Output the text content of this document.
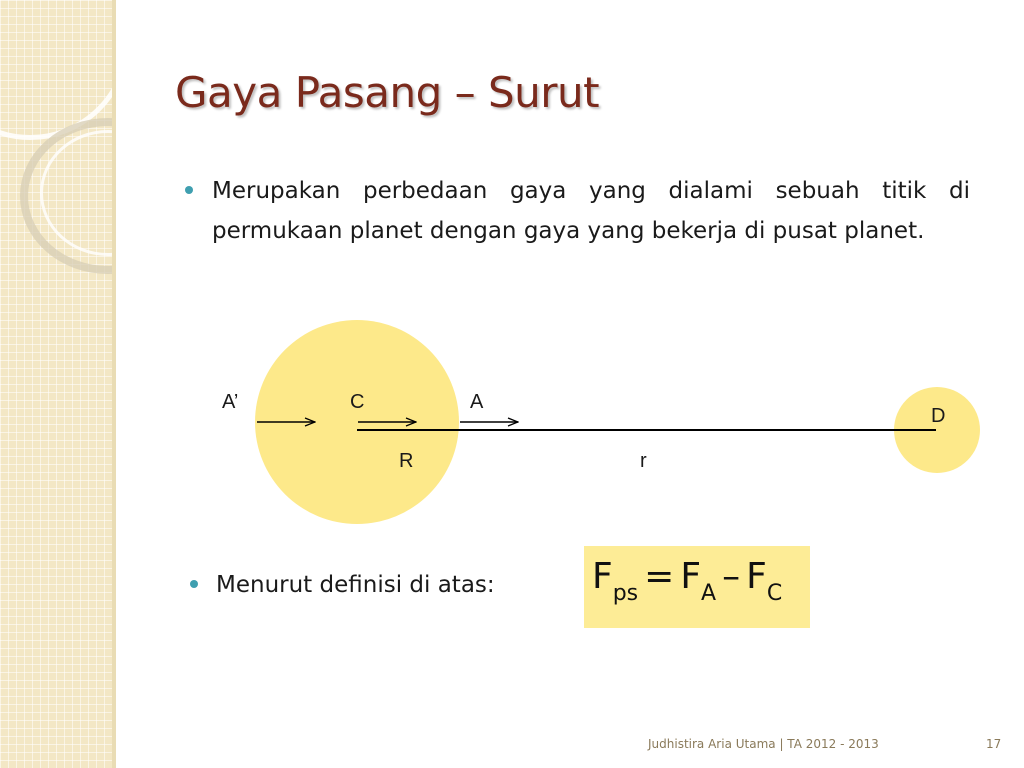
Gaya Pasang – Surut
Merupakan perbedaan gaya yang dialami sebuah titik di permukaan planet dengan gaya yang bekerja di pusat planet.
A’	C	A
D
R	r
Menurut definisi di atas:	$F_{ps} = F_A - F_C$
Judhistira Aria Utama | TA 2012 - 2013	17
